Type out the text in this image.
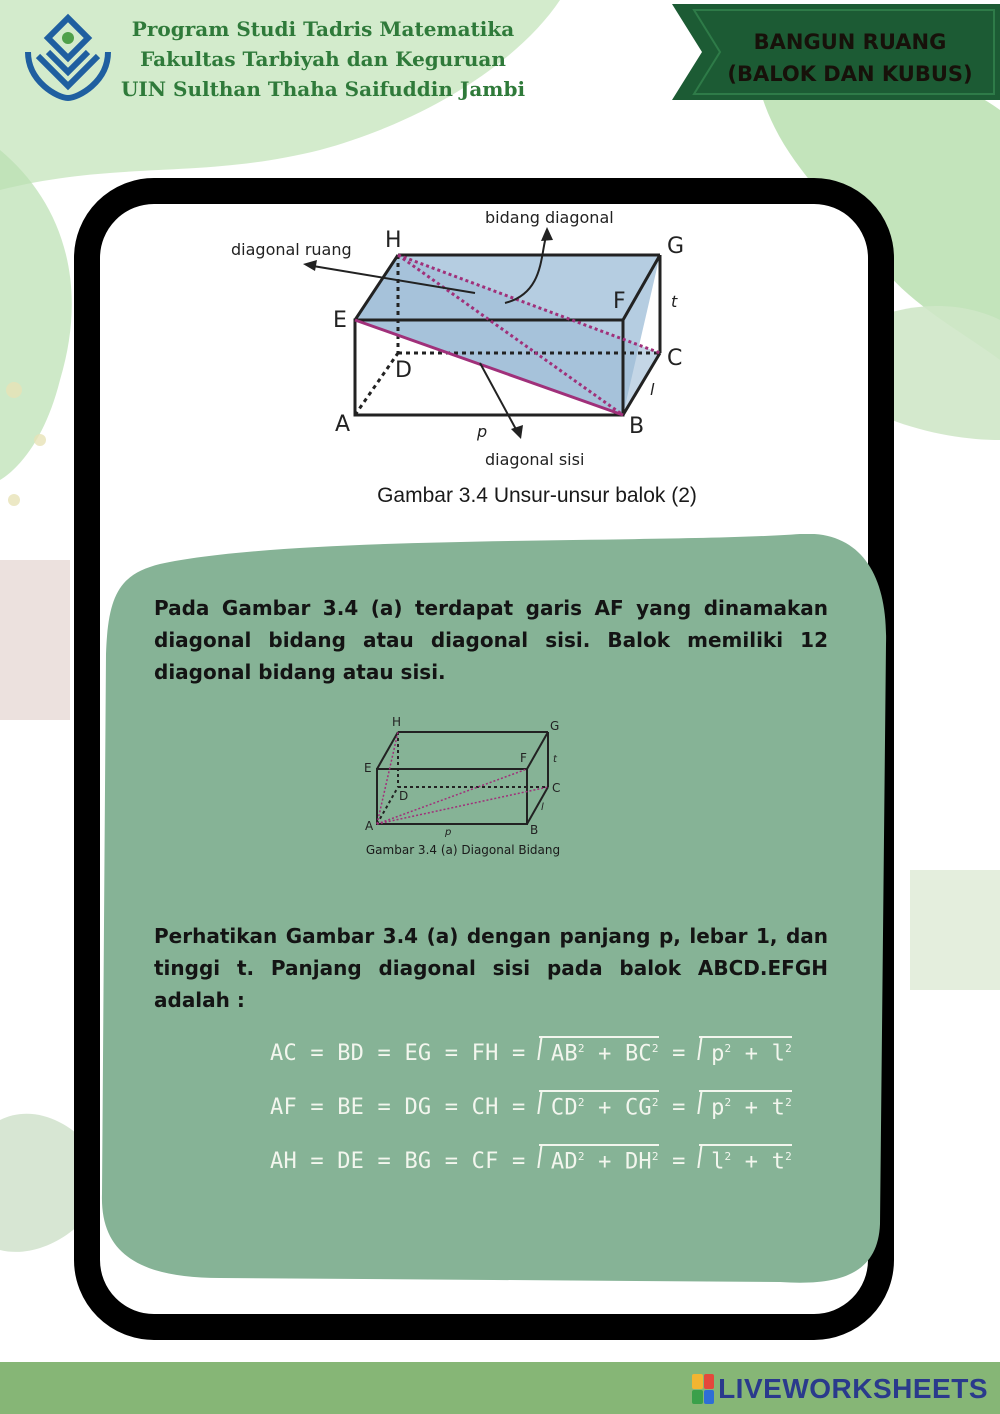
Program Studi Tadris Matematika
Fakultas Tarbiyah dan Keguruan
UIN Sulthan Thaha Saifuddin Jambi
BANGUN RUANG
(BALOK DAN KUBUS)
H	G
E
F	t
D	C
l
A	p	B
diagonal ruang
bidang diagonal
diagonal sisi
Gambar 3.4 Unsur-unsur balok (2)
Pada Gambar 3.4 (a) terdapat garis AF yang dinamakan diagonal bidang atau diagonal sisi. Balok memiliki 12 diagonal bidang atau sisi.
H	G
E
F	t
D
C
l
A	p	B
Gambar 3.4 (a) Diagonal Bidang
Perhatikan Gambar 3.4 (a) dengan panjang p, lebar 1, dan tinggi t. Panjang diagonal sisi pada balok ABCD.EFGH adalah :
AC = BD = EG = FH = $AB^2 + BC^2 = p^2 + l^2$
AF = BE = DG = CH = $CD^2 + CG^2 = p^2 + t^2$
AH = DE = BG = CF = $AD^2 + DH^2 = l^2 + t^2$
LIVEWORKSHEETS
